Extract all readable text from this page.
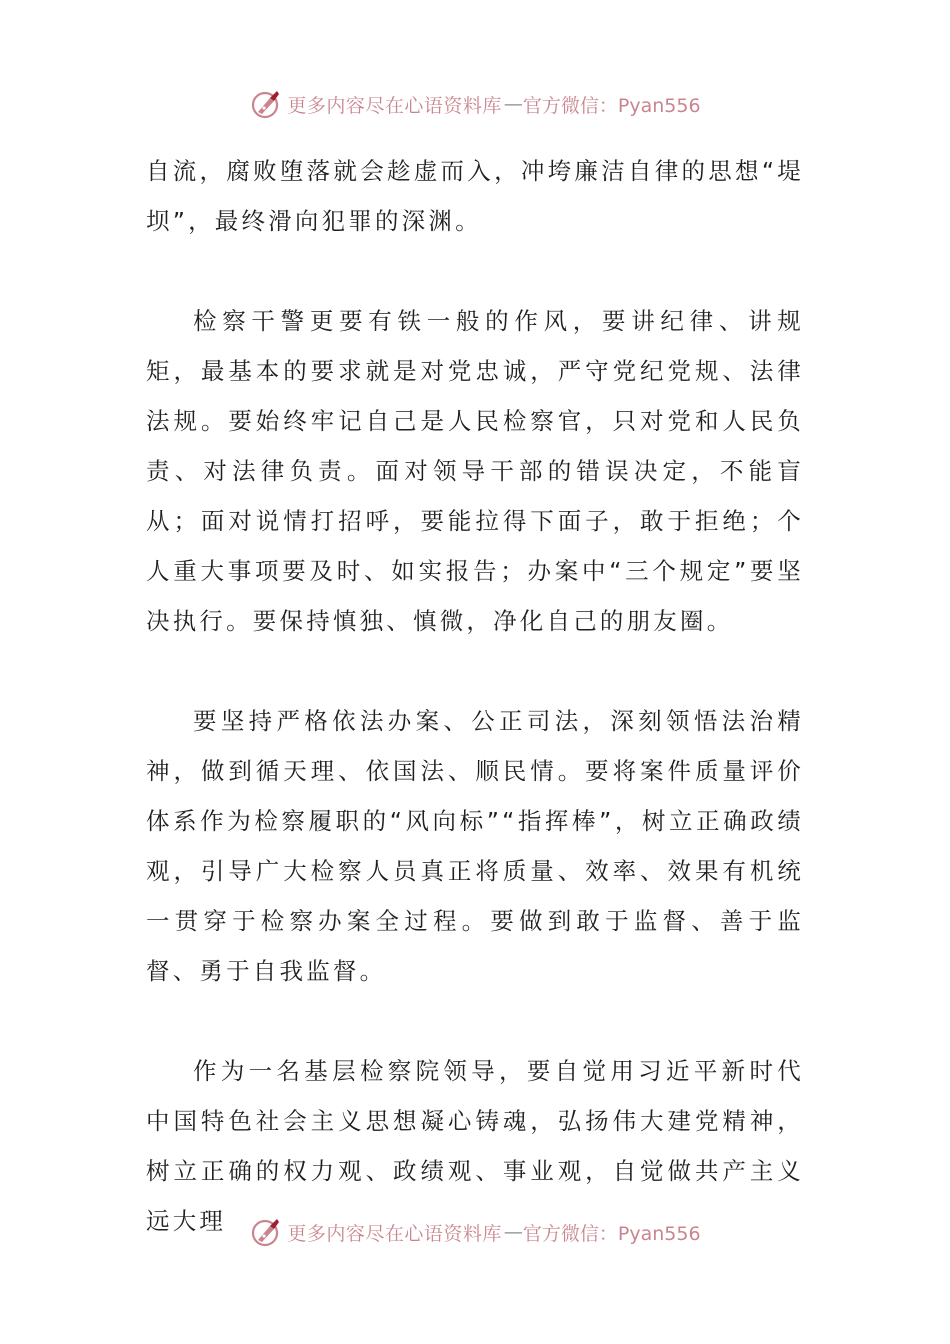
更多内容尽在心语资料库 — 官方微信：Pyan556

自流，腐败堕落就会趁虚而入，冲垮廉洁自律的思想“堤坝”，最终滑向犯罪的深渊。

检察干警更要有铁一般的作风，要讲纪律、讲规矩，最基本的要求就是对党忠诚，严守党纪党规、法律法规。要始终牢记自己是人民检察官，只对党和人民负责、对法律负责。面对领导干部的错误决定，不能盲从；面对说情打招呼，要能拉得下面子，敢于拒绝；个人重大事项要及时、如实报告；办案中“三个规定”要坚决执行。要保持慎独、慎微，净化自己的朋友圈。

要坚持严格依法办案、公正司法，深刻领悟法治精神，做到循天理、依国法、顺民情。要将案件质量评价体系作为检察履职的“风向标”“指挥棒”，树立正确政绩观，引导广大检察人员真正将质量、效率、效果有机统一贯穿于检察办案全过程。要做到敢于监督、善于监督、勇于自我监督。

作为一名基层检察院领导，要自觉用习近平新时代中国特色社会主义思想凝心铸魂，弘扬伟大建党精神，树立正确的权力观、政绩观、事业观，自觉做共产主义远大理	更多内容尽在心语资料库 — 官方微信：Pyan556
